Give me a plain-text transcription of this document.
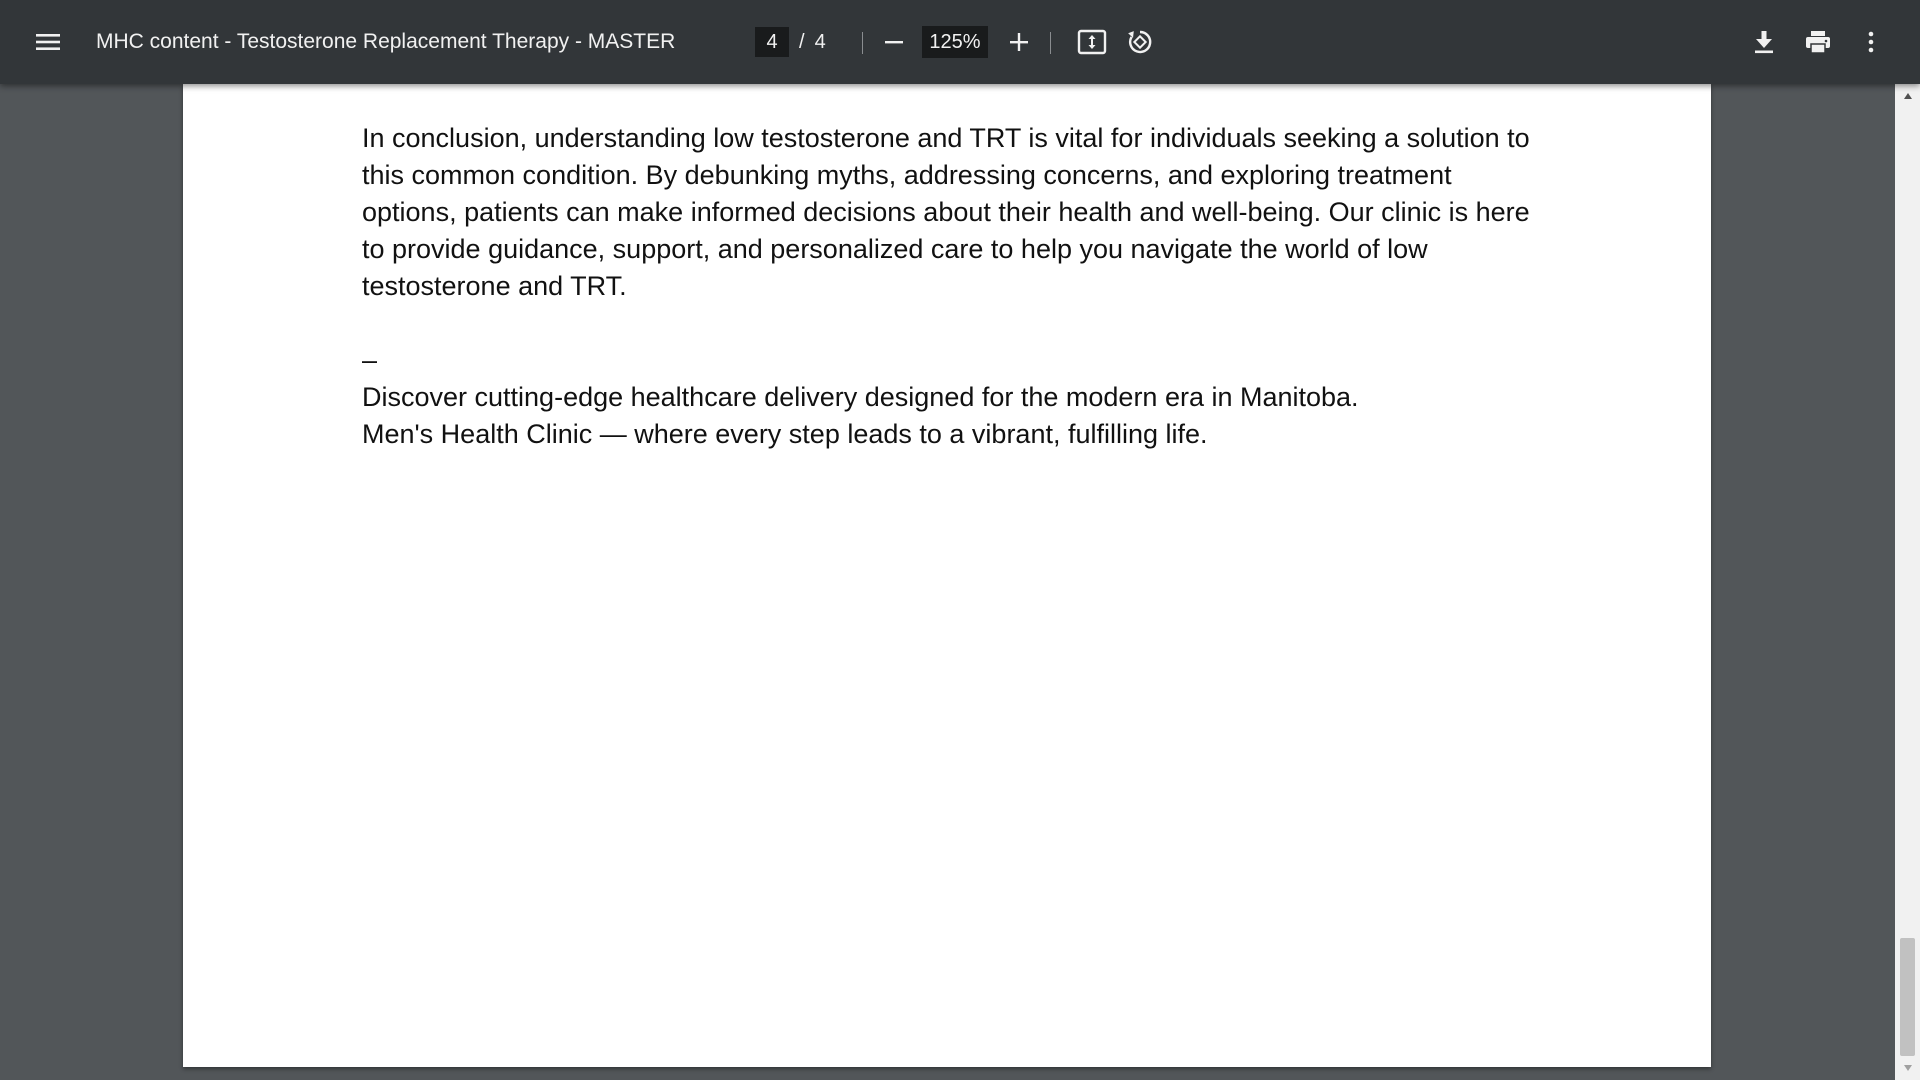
MHC content - Testosterone Replacement Therapy - MASTER
4	/ 4
125%

In conclusion, understanding low testosterone and TRT is vital for individuals seeking a solution to this common condition. By debunking myths, addressing concerns, and exploring treatment options, patients can make informed decisions about their health and well-being. Our clinic is here to provide guidance, support, and personalized care to help you navigate the world of low testosterone and TRT.

–

Discover cutting-edge healthcare delivery designed for the modern era in Manitoba.

Men's Health Clinic — where every step leads to a vibrant, fulfilling life.
